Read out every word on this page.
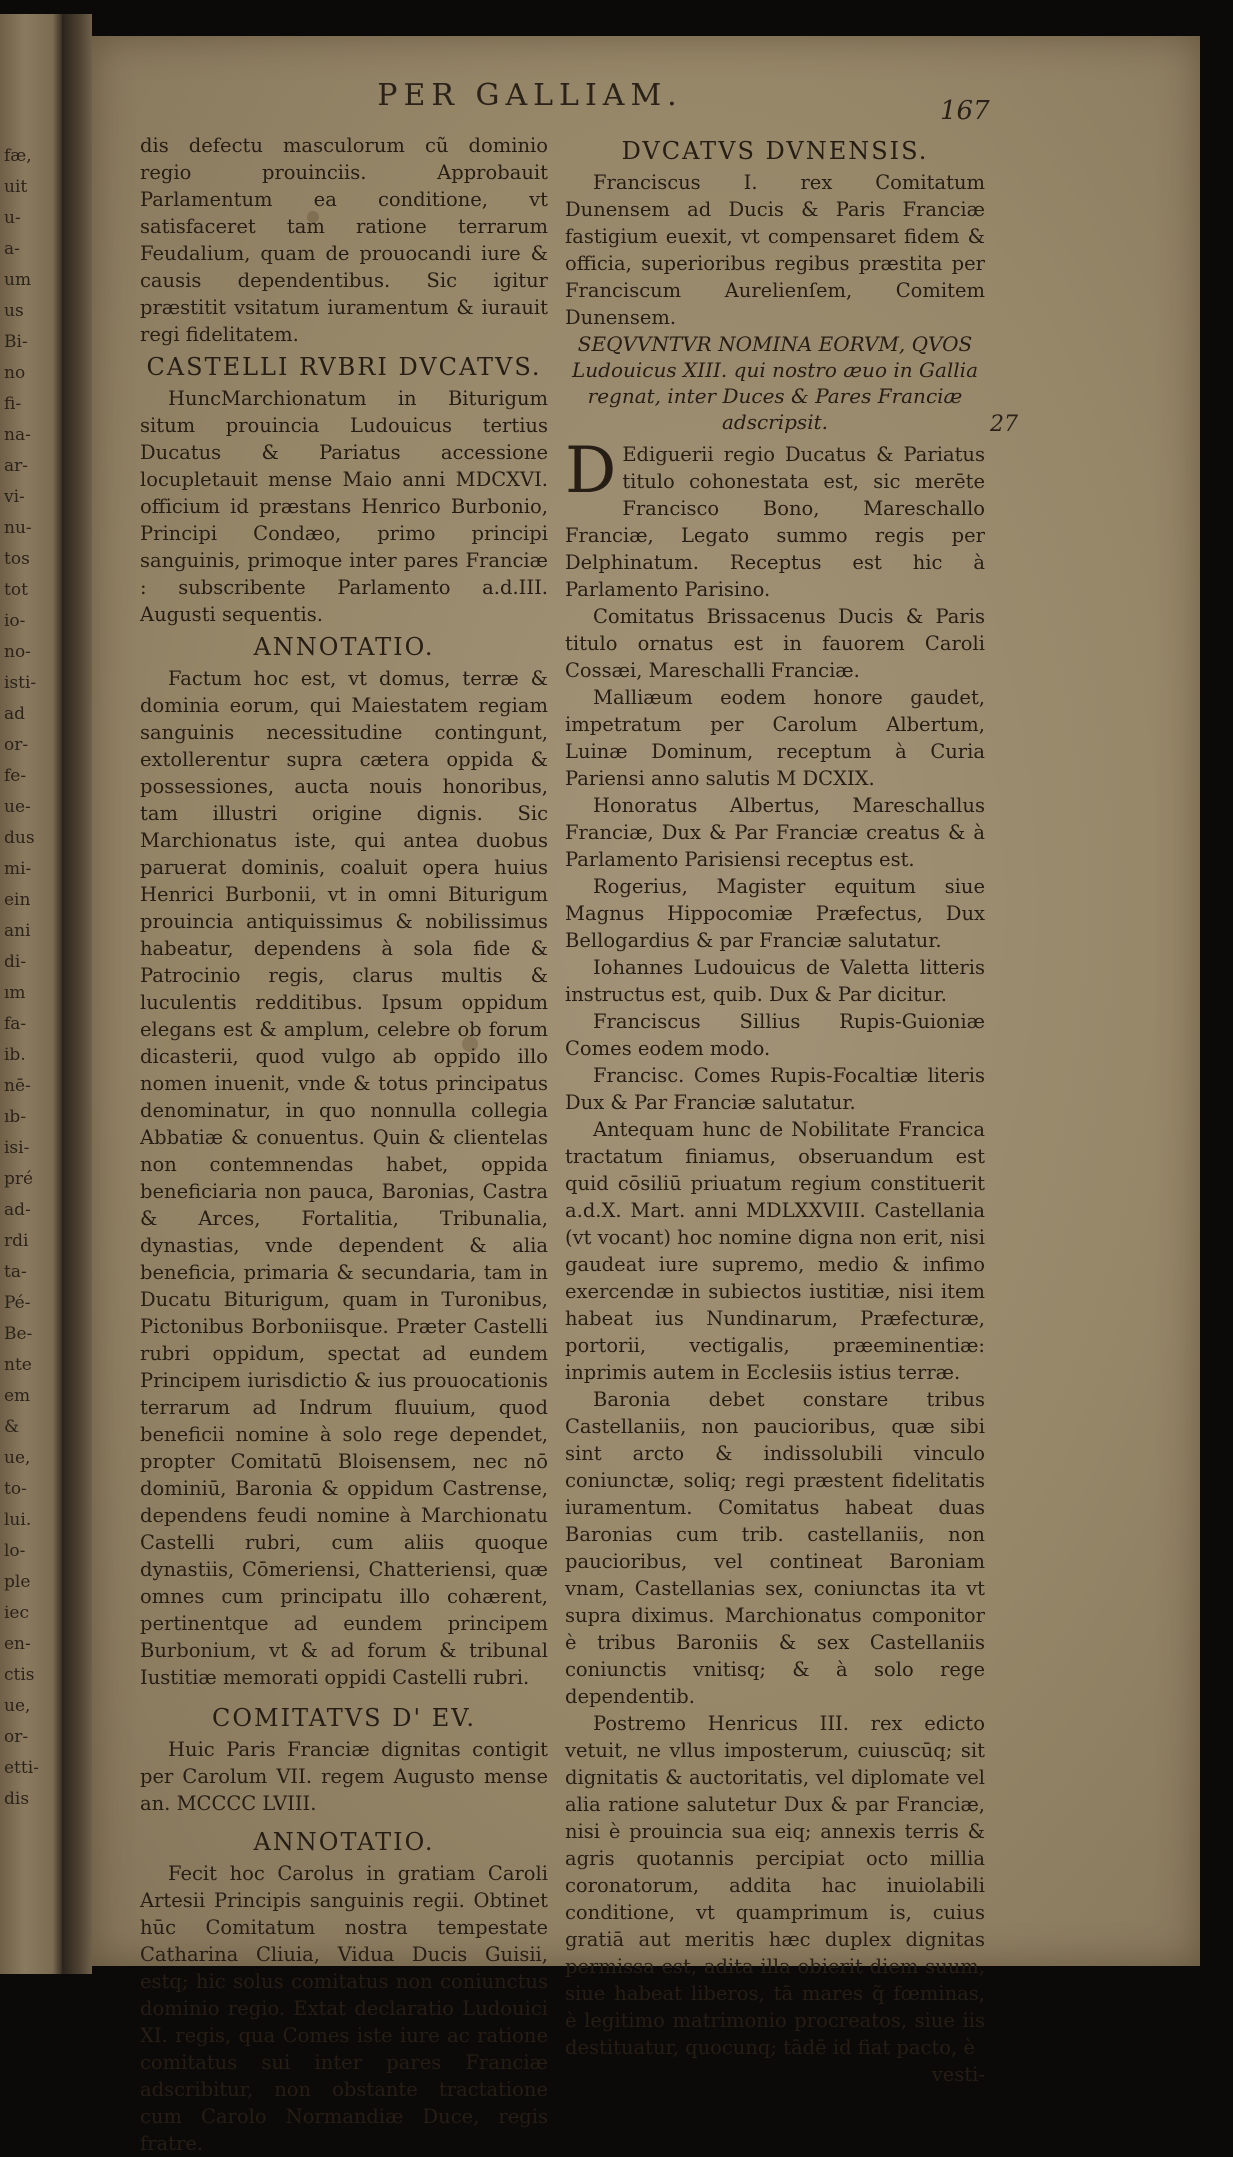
fæ,
uit
u-
a-
um
us
Bi-
no
fi-
na-
ar-
vi-
nu-
tos
tot
io-
no-
isti-
ad
or-
fe-
ue-
dus
mi-
ein
ani
di-
ım
fa-
ib.
nē-
ıb-
isi-
pré
ad-
rdi
ta-
Pé-
Be-
nte
em
&
ue,
to-
lui.
lo-
ple
iec
en-
ctis
ue,
or-
etti-
dis
PER GALLIAM.	167

dis defectu masculorum cũ dominio regio prouinciis. Approbauit Parlamentum ea conditione, vt satisfaceret tam ratione terrarum Feudalium, quam de prouocandi iure & causis dependentibus. Sic igitur præstitit vsitatum iuramentum & iurauit regi fidelitatem.

CASTELLI RVBRI DVCATVS.

HuncMarchionatum in Biturigum situm prouincia Ludouicus tertius Ducatus & Pariatus accessione locupletauit mense Maio anni MDCXVI. officium id præstans Henrico Burbonio, Principi Condæo, primo principi sanguinis, primoque inter pares Franciæ : subscribente Parlamento a.d.III. Augusti sequentis.

ANNOTATIO.

Factum hoc est, vt domus, terræ & dominia eorum, qui Maiestatem regiam sanguinis necessitudine contingunt, extollerentur supra cætera oppida & possessiones, aucta nouis honoribus, tam illustri origine dignis. Sic Marchionatus iste, qui antea duobus paruerat dominis, coaluit opera huius Henrici Burbonii, vt in omni Biturigum prouincia antiquissimus & nobilissimus habeatur, dependens à sola fide & Patrocinio regis, clarus multis & luculentis redditibus. Ipsum oppidum elegans est & amplum, celebre ob forum dicasterii, quod vulgo ab oppido illo nomen inuenit, vnde & totus principatus denominatur, in quo nonnulla collegia Abbatiæ & conuentus. Quin & clientelas non contemnendas habet, oppida beneficiaria non pauca, Baronias, Castra & Arces, Fortalitia, Tribunalia, dynastias, vnde dependent & alia beneficia, primaria & secundaria, tam in Ducatu Biturigum, quam in Turonibus, Pictonibus Borboniisque. Præter Castelli rubri oppidum, spectat ad eundem Principem iurisdictio & ius prouocationis terrarum ad Indrum fluuium, quod beneficii nomine à solo rege dependet, propter Comitatū Bloisensem, nec nō dominiū, Baronia & oppidum Castrense, dependens feudi nomine à Marchionatu Castelli rubri, cum aliis quoque dynastiis, Cōmeriensi, Chatteriensi, quæ omnes cum principatu illo cohærent, pertinentque ad eundem principem Burbonium, vt & ad forum & tribunal Iustitiæ memorati oppidi Castelli rubri.

COMITATVS D' EV.

Huic Paris Franciæ dignitas contigit per Carolum VII. regem Augusto mense an. MCCCC LVIII.

ANNOTATIO.

Fecit hoc Carolus in gratiam Caroli Artesii Principis sanguinis regii. Obtinet hūc Comitatum nostra tempestate Catharina Cliuia, Vidua Ducis Guisii, estq; hic solus comitatus non coniunctus dominio regio. Extat declaratio Ludouici XI. regis, qua Comes iste iure ac ratione comitatus sui inter pares Franciæ adscribitur, non obstante tractatione cum Carolo Normandiæ Duce, regis fratre.

DVCATVS DVNENSIS.

Franciscus I. rex Comitatum Dunensem ad Ducis & Paris Franciæ fastigium euexit, vt compensaret fidem & officia, superioribus regibus præstita per Franciscum Aurelienſem, Comitem Dunensem.

SEQVVNTVR NOMINA EORVM, QVOS
Ludouicus XIII. qui nostro æuo in Gallia regnat, inter Duces & Pares Franciæ adscripsit.

D Ediguerii regio Ducatus & Pariatus titulo cohonestata est, sic merēte Francisco Bono, Mareschallo Franciæ, Legato summo regis per Delphinatum. Receptus est hic à Parlamento Parisino.

Comitatus Brissacenus Ducis & Paris titulo ornatus est in fauorem Caroli Cossæi, Mareschalli Franciæ.

Malliæum eodem honore gaudet, impetratum per Carolum Albertum, Luinæ Dominum, receptum à Curia Pariensi anno salutis M DCXIX.

Honoratus Albertus, Mareschallus Franciæ, Dux & Par Franciæ creatus & à Parlamento Parisiensi receptus est.

Rogerius, Magister equitum siue Magnus Hippocomiæ Præfectus, Dux Bellogardius & par Franciæ salutatur.

Iohannes Ludouicus de Valetta litteris instructus est, quib. Dux & Par dicitur.

Franciscus Sillius Rupis-Guioniæ Comes eodem modo.

Francisc. Comes Rupis-Focaltiæ literis Dux & Par Franciæ salutatur.

Antequam hunc de Nobilitate Francica tractatum finiamus, obseruandum est quid cōsiliū priuatum regium constituerit a.d.X. Mart. anni MDLXXVIII. Castellania (vt vocant) hoc nomine digna non erit, nisi gaudeat iure supremo, medio & infimo exercendæ in subiectos iustitiæ, nisi item habeat ius Nundinarum, Præfecturæ, portorii, vectigalis, præeminentiæ: inprimis autem in Ecclesiis istius terræ.

Baronia debet constare tribus Castellaniis, non paucioribus, quæ sibi sint arcto & indissolubili vinculo coniunctæ, soliq; regi præstent fidelitatis iuramentum. Comitatus habeat duas Baronias cum trib. castellaniis, non paucioribus, vel contineat Baroniam vnam, Castellanias sex, coniunctas ita vt supra diximus. Marchionatus componitor è tribus Baroniis & sex Castellaniis coniunctis vnitisq; & à solo rege dependentib.

Postremo Henricus III. rex edicto vetuit, ne vllus imposterum, cuiuscūq; sit dignitatis & auctoritatis, vel diplomate vel alia ratione salutetur Dux & par Franciæ, nisi è prouincia sua eiq; annexis terris & agris quotannis percipiat octo millia coronatorum, addita hac inuiolabili conditione, vt quamprimum is, cuius gratiā aut meritis hæc duplex dignitas permissa est, adita illa obierit diem suum, siue habeat liberos, tā mares q̃ fœminas, è legitimo matrimonio procreatos, siue iis destituatur, quocunq; tādē id fiat pacto, è

vesti-

27
